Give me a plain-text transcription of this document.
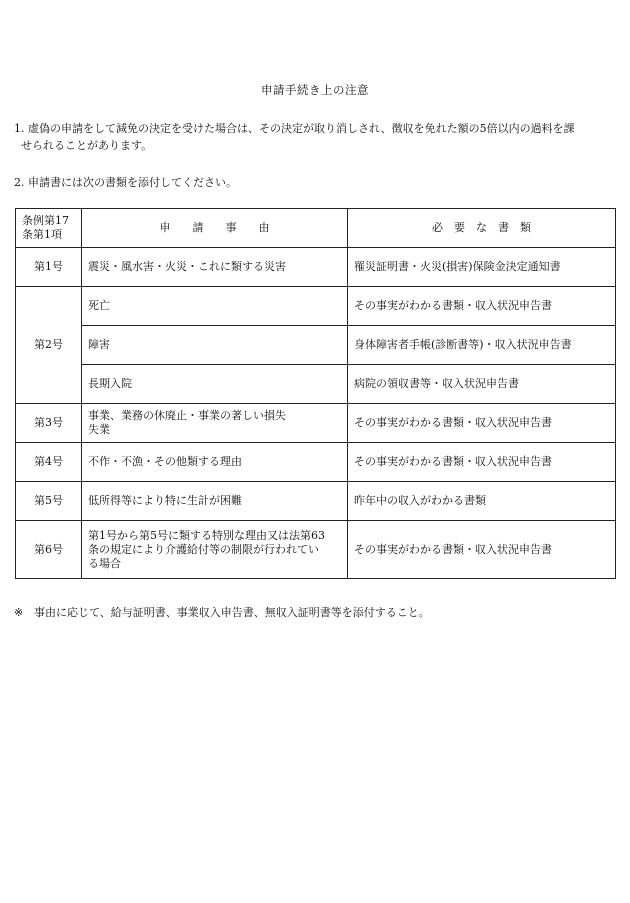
申請手続き上の注意
1. 虚偽の申請をして減免の決定を受けた場合は、その決定が取り消しされ、徴収を免れた額の5倍以内の過料を課
せられることがあります。
2. 申請書には次の書類を添付してください。
条例第17
条第1項	申　　請　　事　　由	必　要　な　書　類
第1号	震災・風水害・火災・これに類する災害	罹災証明書・火災(損害)保険金決定通知書
第2号	死亡	その事実がわかる書類・収入状況申告書
	障害	身体障害者手帳(診断書等)・収入状況申告書
	長期入院	病院の領収書等・収入状況申告書
第3号	事業、業務の休廃止・事業の著しい損失
失業	その事実がわかる書類・収入状況申告書
第4号	不作・不漁・その他類する理由	その事実がわかる書類・収入状況申告書
第5号	低所得等により特に生計が困難	昨年中の収入がわかる書類
第6号	第1号から第5号に類する特別な理由又は法第63
条の規定により介護給付等の制限が行われてい
る場合	その事実がわかる書類・収入状況申告書
※ 事由に応じて、給与証明書、事業収入申告書、無収入証明書等を添付すること。
